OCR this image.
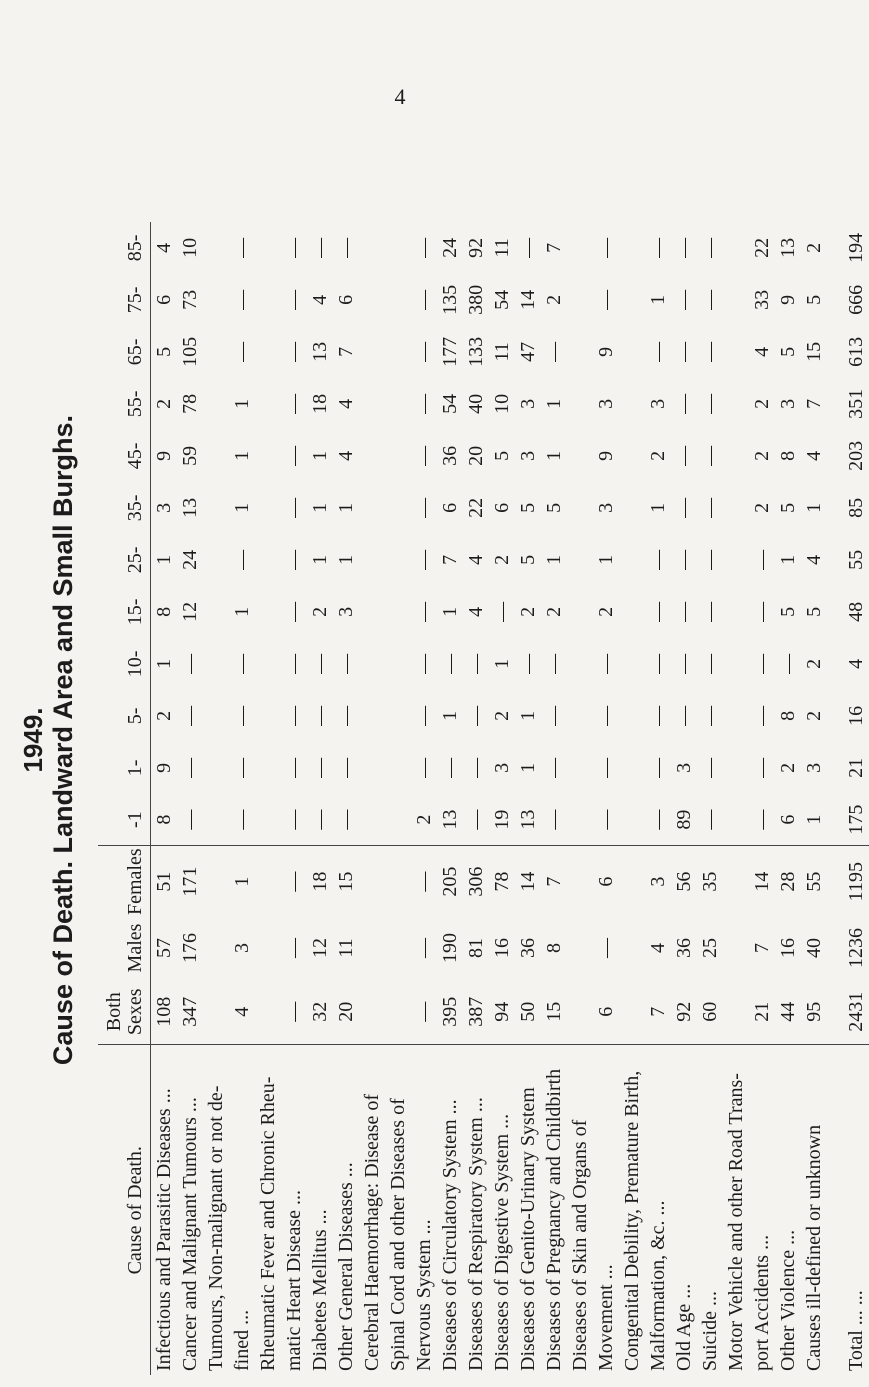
4
1949. Cause of Death. Landward Area and Small Burghs.
Cause of Death.	Both Sexes	Males	Females	-1	1-	5-	10-	15-	25-	35-	45-	55-	65-	75-	85-
Infectious and Parasitic Diseases ...	108	57	51	8	9	2	1	8	1	3	9	2	5	6	4
Cancer and Malignant Tumours ...	347	176	171	—	—	—	—	12	24	13	59	78	105	73	10
Tumours, Non-malignant or not de-fined ...	4	3	1	—	—	—	—	1	—	1	1	1	—	—	—
Rheumatic Fever and Chronic Rheu-matic Heart Disease ...	—	—	—	—	—	—	—	—	—	—	—	—	—	—	—
Diabetes Mellitus ...	32	12	18	—	—	—	—	2	1	1	1	18	13	4	—
Other General Diseases ...	20	11	15	—	—	—	—	3	1	1	4	4	7	6	—
Cerebral Haemorrhage: Disease of Spinal Cord and other Diseases of Nervous System ...	—	—	—	2	—	—	—	—	—	—	—	—	—	—	—
Diseases of Circulatory System ...	395	190	205	13	—	1	—	1	7	6	36	54	177	135	24
Diseases of Respiratory System ...	387	81	306	—	—	—	—	4	4	22	20	40	133	380	92
Diseases of Digestive System ...	94	16	78	19	3	2	1	—	2	6	5	10	11	54	11
Diseases of Genito-Urinary System	50	36	14	13	1	1	—	2	5	5	3	3	47	14	—
Diseases of Pregnancy and Childbirth	15	8	7	—	—	—	—	2	1	5	1	1	—	2	7
Diseases of Skin and Organs of Movement ...	6	—	6	—	—	—	—	2	1	3	9	3	9	—	—
Congenital Debility, Premature Birth, Malformation, &c. ...	7	4	3	—	—	—	—	—	—	1	2	3	—	1	—
Old Age ...	92	36	56	89	3	—	—	—	—	—	—	—	—	—	—
Suicide ...	60	25	35	—	—	—	—	—	—	—	—	—	—	—	—
Motor Vehicle and other Road Trans-port Accidents ...	21	7	14	—	—	—	—	—	—	2	2	2	4	33	22
Other Violence ...	44	16	28	6	2	8	—	5	1	5	8	3	5	9	13
Causes ill-defined or unknown	95	40	55	1	3	2	2	5	4	1	4	7	15	5	2
Total ... ...	2431	1236	1195	175	21	16	4	48	55	85	203	351	613	666	194
